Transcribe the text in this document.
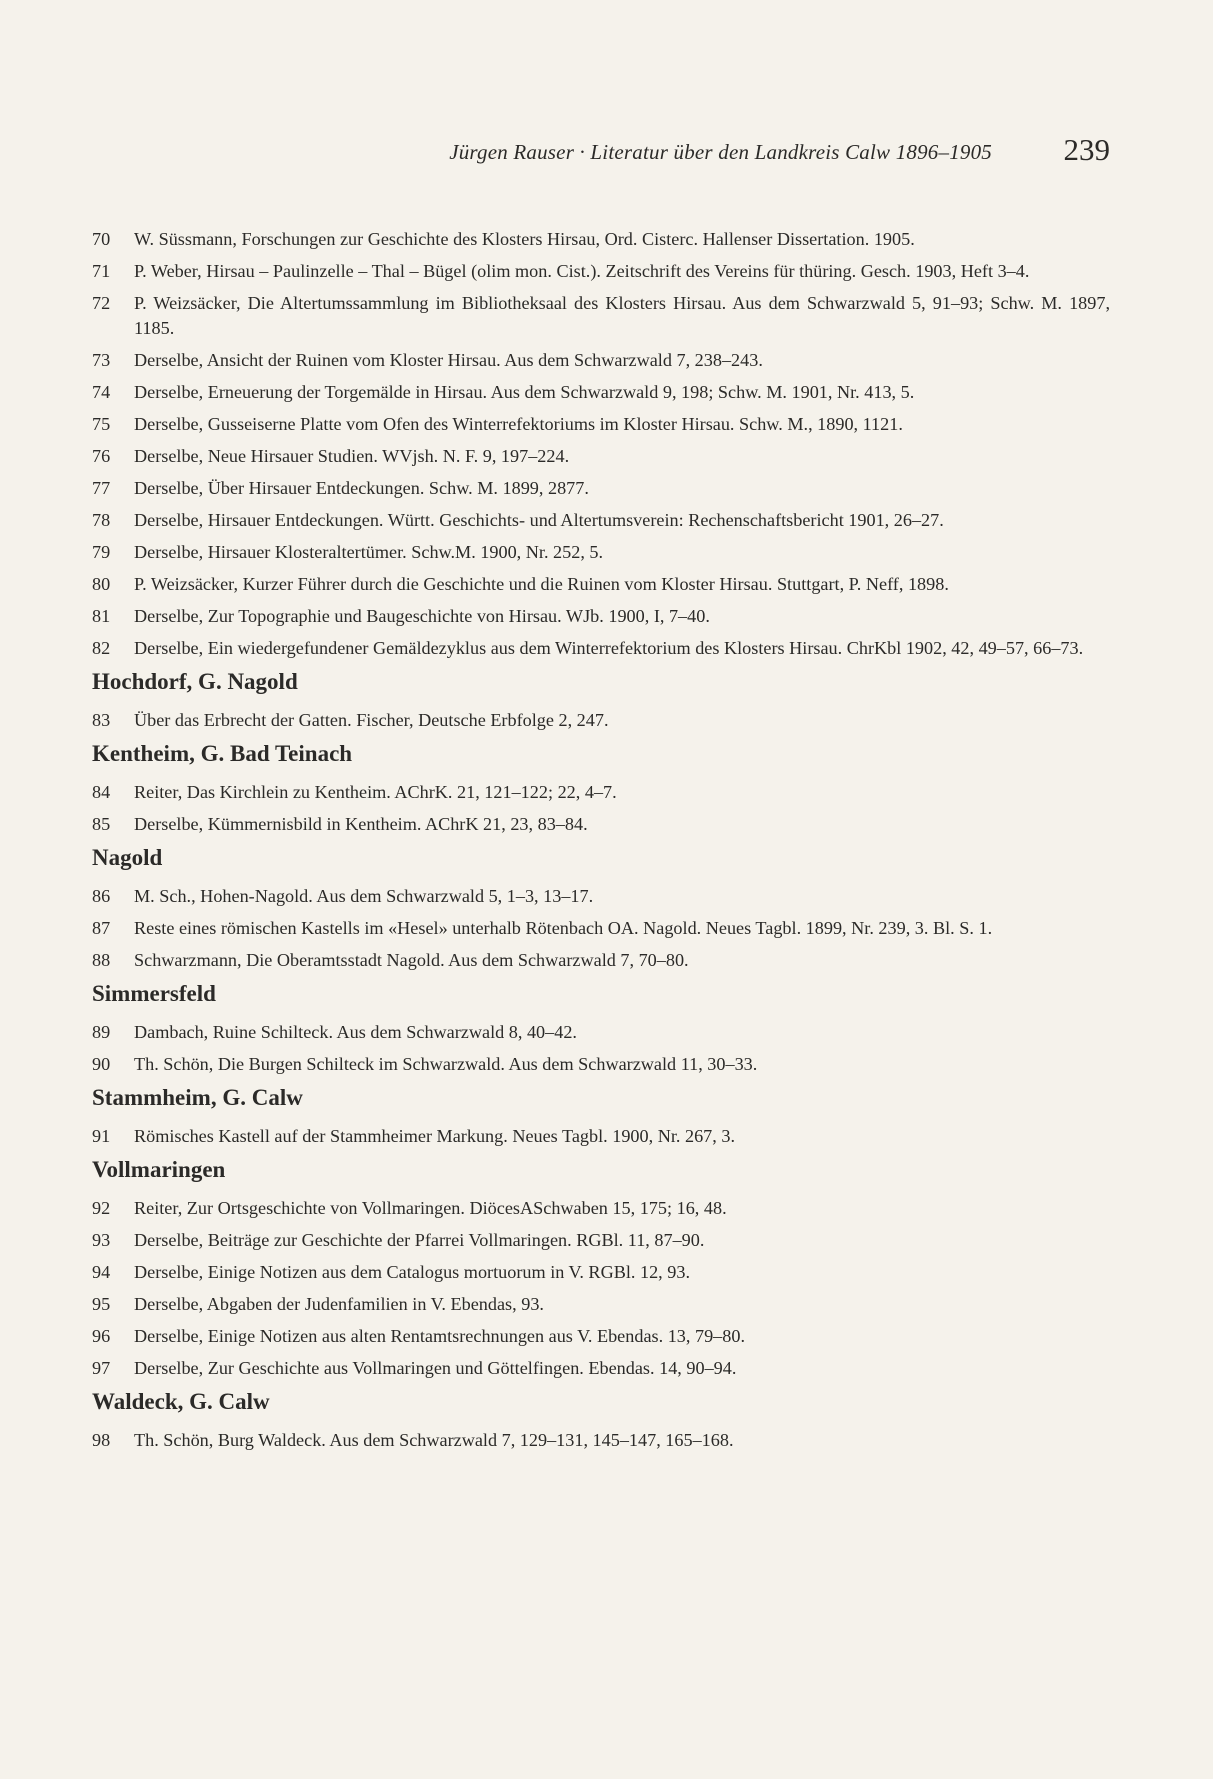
Jürgen Rauser · Literatur über den Landkreis Calw 1896–1905 239
70	W. Süssmann, Forschungen zur Geschichte des Klosters Hirsau, Ord. Cisterc. Hallenser Dissertation. 1905.
71	P. Weber, Hirsau – Paulinzelle – Thal – Bügel (olim mon. Cist.). Zeitschrift des Vereins für thüring. Gesch. 1903, Heft 3–4.
72	P. Weizsäcker, Die Altertumssammlung im Bibliotheksaal des Klosters Hirsau. Aus dem Schwarzwald 5, 91–93; Schw. M. 1897, 1185.
73	Derselbe, Ansicht der Ruinen vom Kloster Hirsau. Aus dem Schwarzwald 7, 238–243.
74	Derselbe, Erneuerung der Torgemälde in Hirsau. Aus dem Schwarzwald 9, 198; Schw. M. 1901, Nr. 413, 5.
75	Derselbe, Gusseiserne Platte vom Ofen des Winterrefektoriums im Kloster Hirsau. Schw. M., 1890, 1121.
76	Derselbe, Neue Hirsauer Studien. WVjsh. N. F. 9, 197–224.
77	Derselbe, Über Hirsauer Entdeckungen. Schw. M. 1899, 2877.
78	Derselbe, Hirsauer Entdeckungen. Württ. Geschichts- und Altertumsverein: Rechenschaftsbericht 1901, 26–27.
79	Derselbe, Hirsauer Klosteraltertümer. Schw.M. 1900, Nr. 252, 5.
80	P. Weizsäcker, Kurzer Führer durch die Geschichte und die Ruinen vom Kloster Hirsau. Stuttgart, P. Neff, 1898.
81	Derselbe, Zur Topographie und Baugeschichte von Hirsau. WJb. 1900, I, 7–40.
82	Derselbe, Ein wiedergefundener Gemäldezyklus aus dem Winterrefektorium des Klosters Hirsau. ChrKbl 1902, 42, 49–57, 66–73.
Hochdorf, G. Nagold
83	Über das Erbrecht der Gatten. Fischer, Deutsche Erbfolge 2, 247.
Kentheim, G. Bad Teinach
84	Reiter, Das Kirchlein zu Kentheim. AChrK. 21, 121–122; 22, 4–7.
85	Derselbe, Kümmernisbild in Kentheim. AChrK 21, 23, 83–84.
Nagold
86	M. Sch., Hohen-Nagold. Aus dem Schwarzwald 5, 1–3, 13–17.
87	Reste eines römischen Kastells im «Hesel» unterhalb Rötenbach OA. Nagold. Neues Tagbl. 1899, Nr. 239, 3. Bl. S. 1.
88	Schwarzmann, Die Oberamtsstadt Nagold. Aus dem Schwarzwald 7, 70–80.
Simmersfeld
89	Dambach, Ruine Schilteck. Aus dem Schwarzwald 8, 40–42.
90	Th. Schön, Die Burgen Schilteck im Schwarzwald. Aus dem Schwarzwald 11, 30–33.
Stammheim, G. Calw
91	Römisches Kastell auf der Stammheimer Markung. Neues Tagbl. 1900, Nr. 267, 3.
Vollmaringen
92	Reiter, Zur Ortsgeschichte von Vollmaringen. DiöcesASchwaben 15, 175; 16, 48.
93	Derselbe, Beiträge zur Geschichte der Pfarrei Vollmaringen. RGBl. 11, 87–90.
94	Derselbe, Einige Notizen aus dem Catalogus mortuorum in V. RGBl. 12, 93.
95	Derselbe, Abgaben der Judenfamilien in V. Ebendas, 93.
96	Derselbe, Einige Notizen aus alten Rentamtsrechnungen aus V. Ebendas. 13, 79–80.
97	Derselbe, Zur Geschichte aus Vollmaringen und Göttelfingen. Ebendas. 14, 90–94.
Waldeck, G. Calw
98	Th. Schön, Burg Waldeck. Aus dem Schwarzwald 7, 129–131, 145–147, 165–168.
